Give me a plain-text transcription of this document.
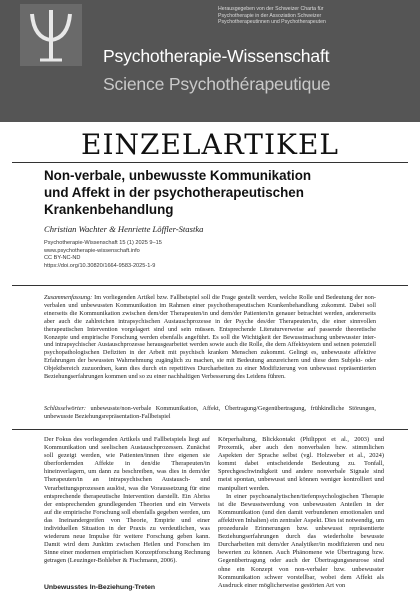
Herausgegeben von der Schweizer Charta für
Psychotherapie in der Assoziation Schweizer
Psychotherapeutinnen und Psychotherapeuten
Psychotherapie-Wissenschaft
Science Psychothérapeutique
EINZELARTIKEL
Non-verbale, unbewusste Kommunikation
und Affekt in der psychotherapeutischen
Krankenbehandlung
Christian Wachter & Henriette Löffler-Stastka
Psychotherapie-Wissenschaft 15 (1) 2025 9–15
www.psychotherapie-wissenschaft.info
CC BY-NC-ND
https://doi.org/10.30820/1664-9583-2025-1-9
Zusammenfassung: Im vorliegenden Artikel bzw. Fallbeispiel soll die Frage gestellt werden, welche Rolle und Bedeutung der non-verbalen und unbewussten Kommunikation im Rahmen einer psychotherapeutischen Krankenbehandlung zukommt. Dabei soll einerseits die Kommunikation zwischen dem/der Therapeuten/in und dem/der Patienten/in genauer betrachtet werden, andererseits aber auch die zahlreichen intrapsychischen Austauschprozesse in der Psyche des/der Therapeuten/in, die einer sinnvollen therapeutischen Intervention vorgelagert sind und sein müssen. Entsprechende Literaturverweise auf passende theoretische Konzepte und empirische Forschung werden ebenfalls angeführt. Es soll die Wichtigkeit der Bewusstmachung unbewusster inter- und intrapsychischer Austauschprozesse herausgearbeitet werden sowie auch die Rolle, die dem Affektsystem und seinen potenziell psychopathologischen Defiziten in der Arbeit mit psychisch kranken Menschen zukommt. Gelingt es, unbewusste affektive Erfahrungen der bewussten Wahrnehmung zugänglich zu machen, sie mit Bedeutung anzureichern und diese dem Subjekt- oder Objektbereich zuzuordnen, kann dies durch ein repetitives Durcharbeiten zu einer Modifizierung von unbewusst repräsentierten Beziehungserfahrungen kommen und so zu einer nachhaltigen Verbesserung des Leidens führen.
Schlüsselwörter: unbewusste/non-verbale Kommunikation, Affekt, Übertragung/Gegenübertragung, frühkindliche Störungen, unbewusste Beziehungsrepräsentation-Fallbeispiel

Der Fokus des vorliegenden Artikels und Fallbeispiels liegt auf Kommunikation und seelischen Austauschprozessen. Zunächst soll gezeigt werden, wie Patienten/innen ihre eigenen sie überfordernden Affekte in den/die Therapeuten/in hineinverlagern, um dann zu beschreiben, was dies in dem/der Therapeuten/in an intrapsychischen Austausch- und Verarbeitungsprozessen auslöst, was die Voraussetzung für eine entsprechende therapeutische Intervention darstellt. Ein Abriss der entsprechenden grundlegenden Theorien und ein Verweis auf die empirische Forschung soll ebenfalls gegeben werden, um das Ineinandergreifen von Theorie, Empirie und einer individuellen Situation in der Praxis zu verdeutlichen, was wiederum neue Impulse für weitere Forschung geben kann. Damit wird dem Junktim zwischen Heilen und Forschen im Sinne einer modernen empirischen Konzeptforschung Rechnung getragen (Leuzinger-Bohleber & Fischmann, 2006).

Unbewusstes In-Beziehung-Treten

Körperhaltung, Blickkontakt (Philippot et al., 2003) und Proxemik, aber auch den nonverbalen bzw. stimmlichen Aspekten der Sprache selbst (vgl. Holzweber et al., 2024) kommt dabei entscheidende Bedeutung zu. Tonfall, Sprechgeschwindigkeit und andere nonverbale Signale sind meist spontan, unbewusst und können weniger kontrolliert und manipuliert werden.

In einer psychoanalytischen/tiefenpsychologischen Therapie ist die Bewusstwerdung von unbewussten Anteilen in der Kommunikation (und den damit verbundenen emotionalen und affektiven Inhalten) ein zentraler Aspekt. Dies ist notwendig, um prozedurale Erinnerungen bzw. unbewusst repräsentierte Beziehungserfahrungen durch das wiederholte bewusste Durcharbeiten mit dem/der Analytiker/in modifizieren und neu bewerten zu können. Auch Phänomene wie Übertragung bzw. Gegenübertragung oder auch der Übertragungsneurose sind ohne ein Konzept von non-verbaler bzw. unbewusster Kommunikation schwer vorstellbar, wobei dem Affekt als Ausdruck einer möglicherweise gestörten Art von
